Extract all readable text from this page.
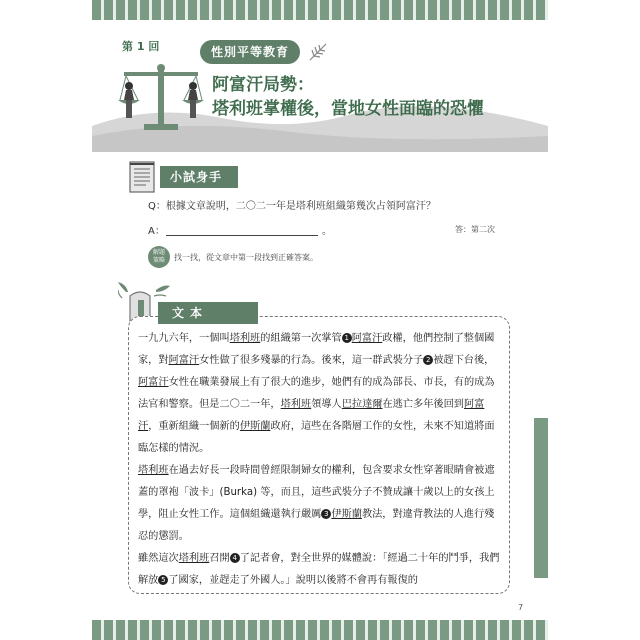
第 1 回	性別平等教育
阿富汗局勢：
塔利班掌權後，當地女性面臨的恐懼
小試身手
Q：根據文章說明，二〇二一年是塔利班組織第幾次占領阿富汗？
A：	。	答：第二次
解題
策略	找一找，從文章中第一段找到正確答案。
文本

一九九六年，一個叫塔利班的組織第一次掌管 1 阿富汗政權，他們控制了整個國家，對阿富汗女性做了很多殘暴的行為。後來，這一群武裝分子 2 被趕下台後，阿富汗女性在職業發展上有了很大的進步，她們有的成為部長、市長，有的成為法官和警察。但是二〇二一年，塔利班領導人巴拉達爾在逃亡多年後回到阿富汗，重新組織一個新的伊斯蘭政府，這些在各階層工作的女性，未來不知道將面臨怎樣的情況。

塔利班在過去好長一段時間曾經限制婦女的權利，包含要求女性穿著眼睛會被遮蓋的罩袍「波卡」(Burka) 等，而且，這些武裝分子不贊成讓十歲以上的女孩上學，阻止女性工作。這個組織還執行嚴厲 3 伊斯蘭教法，對違背教法的人進行殘忍的懲罰。

雖然這次塔利班召開 4 了記者會，對全世界的媒體說：「經過二十年的鬥爭，我們解放 5 了國家，並趕走了外國人。」說明以後將不會再有報復的

7
